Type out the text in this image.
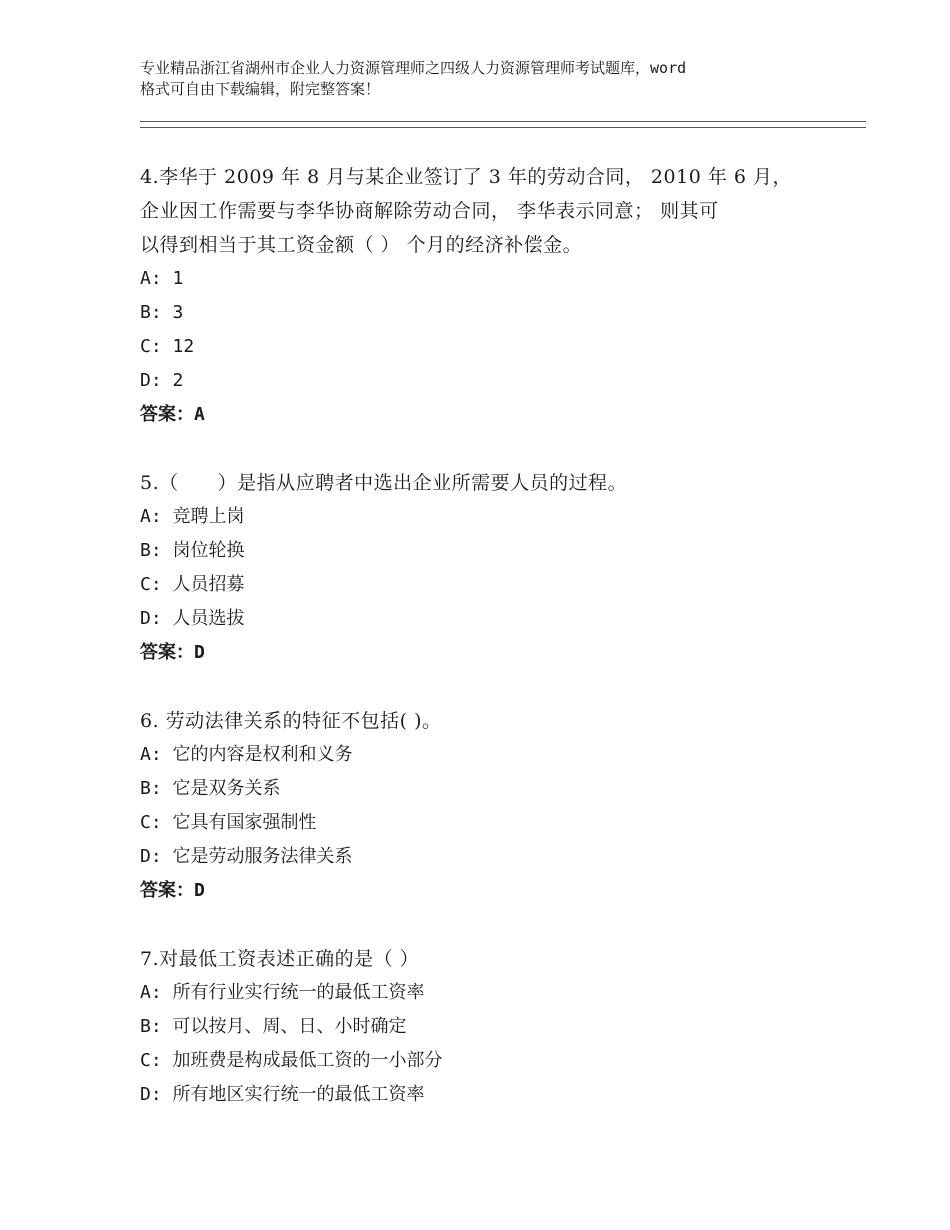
专业精品浙江省湖州市企业人力资源管理师之四级人力资源管理师考试题库，word
格式可自由下载编辑，附完整答案！

4.李华于 2009 年 8 月与某企业签订了 3 年的劳动合同， 2010 年 6 月，

企业因工作需要与李华协商解除劳动合同， 李华表示同意； 则其可

以得到相当于其工资金额（ ） 个月的经济补偿金。

A: 1

B: 3

C: 12

D: 2

答案：A

5.（　　）是指从应聘者中选出企业所需要人员的过程。

A: 竞聘上岗

B: 岗位轮换

C: 人员招募

D: 人员选拔

答案：D

6. 劳动法律关系的特征不包括( )。

A: 它的内容是权利和义务

B: 它是双务关系

C: 它具有国家强制性

D: 它是劳动服务法律关系

答案：D

7.对最低工资表述正确的是（ ）

A: 所有行业实行统一的最低工资率

B: 可以按月、周、日、小时确定

C: 加班费是构成最低工资的一小部分

D: 所有地区实行统一的最低工资率
